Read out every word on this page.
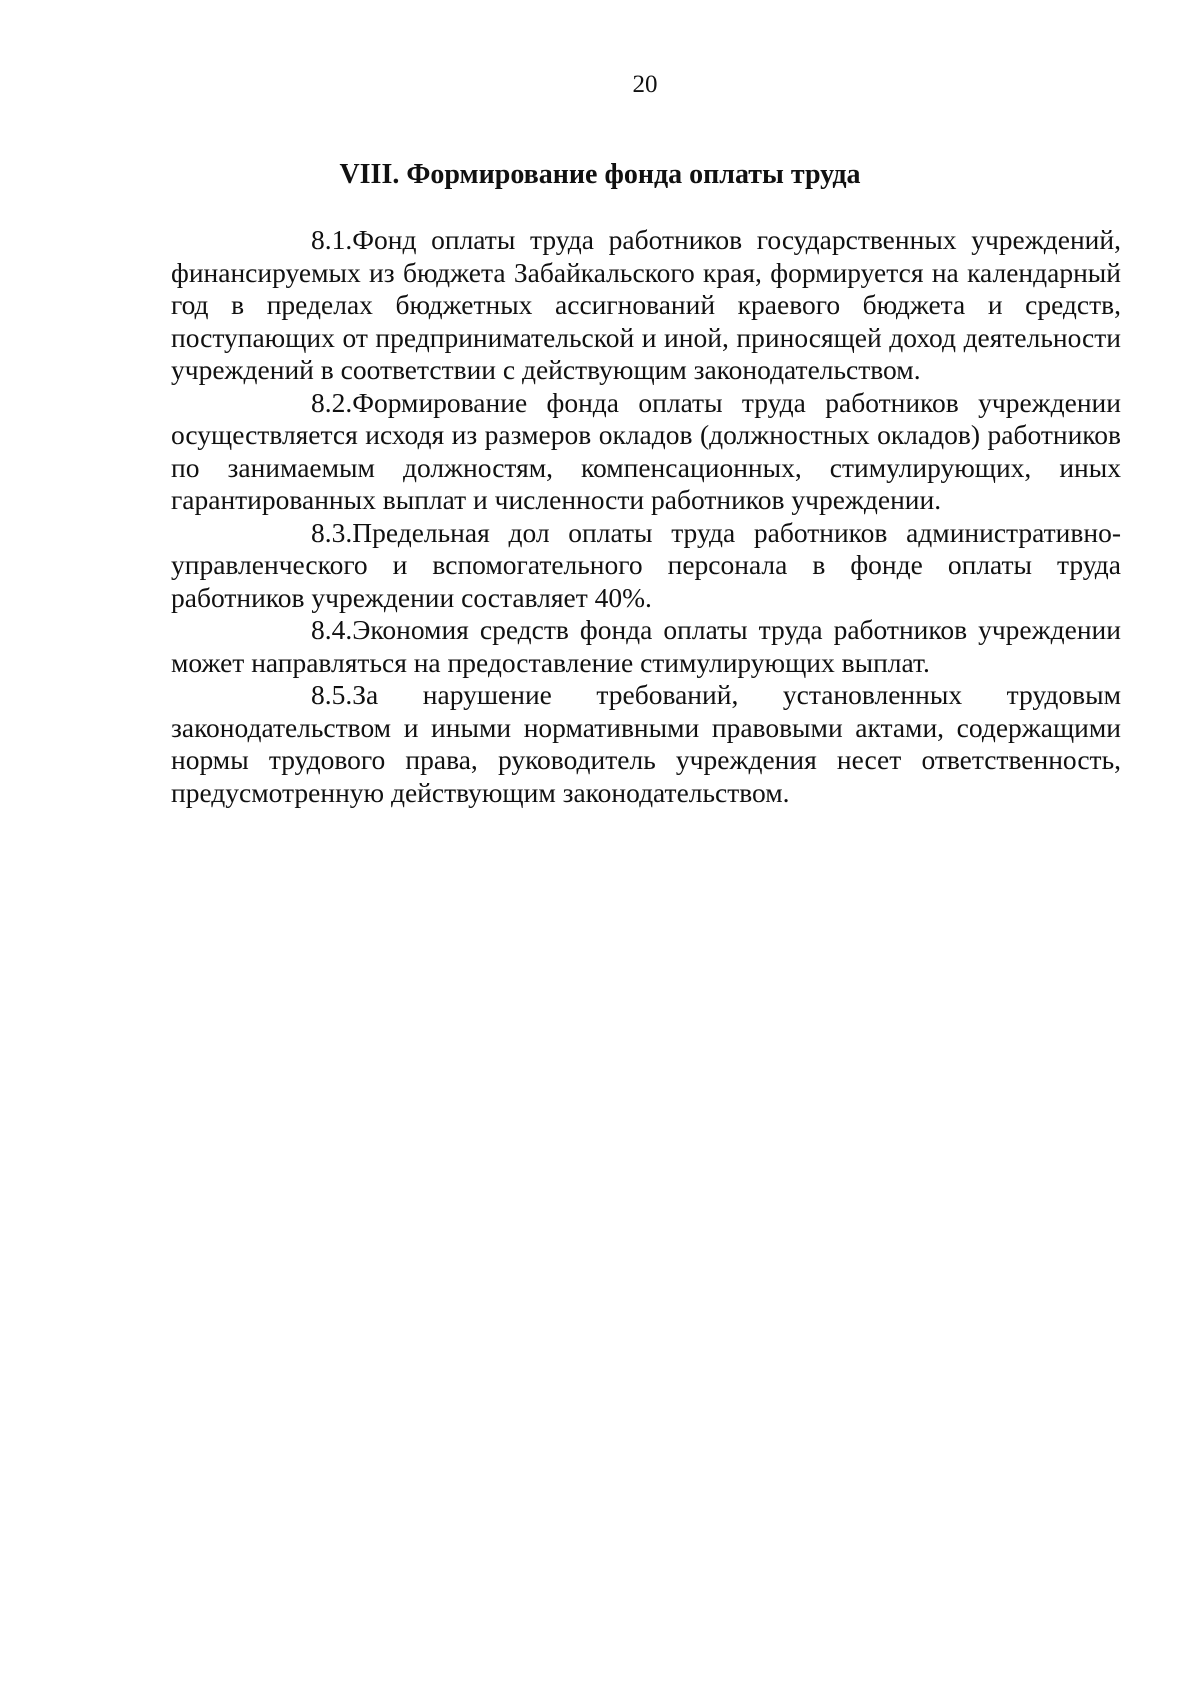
20
VIII. Формирование фонда оплаты труда

8.1.Фонд оплаты труда работников государственных учреждений, финансируемых из бюджета Забайкальского края, формируется на календарный год в пределах бюджетных ассигнований краевого бюджета и средств, поступающих от предпринимательской и иной, приносящей доход деятельности учреждений в соответствии с действующим законодательством.

8.2.Формирование фонда оплаты труда работников учреждении осуществляется исходя из размеров окладов (должностных окладов) работников по занимаемым должностям, компенсационных, стимулирующих, иных гарантированных выплат и численности работников учреждении.

8.3.Предельная дол оплаты труда работников административно-управленческого и вспомогательного персонала в фонде оплаты труда работников учреждении составляет 40%.

8.4.Экономия средств фонда оплаты труда работников учреждении может направляться на предоставление стимулирующих выплат.

8.5.За нарушение требований, установленных трудовым законодательством и иными нормативными правовыми актами, содержащими нормы трудового права, руководитель учреждения несет ответственность, предусмотренную действующим законодательством.
